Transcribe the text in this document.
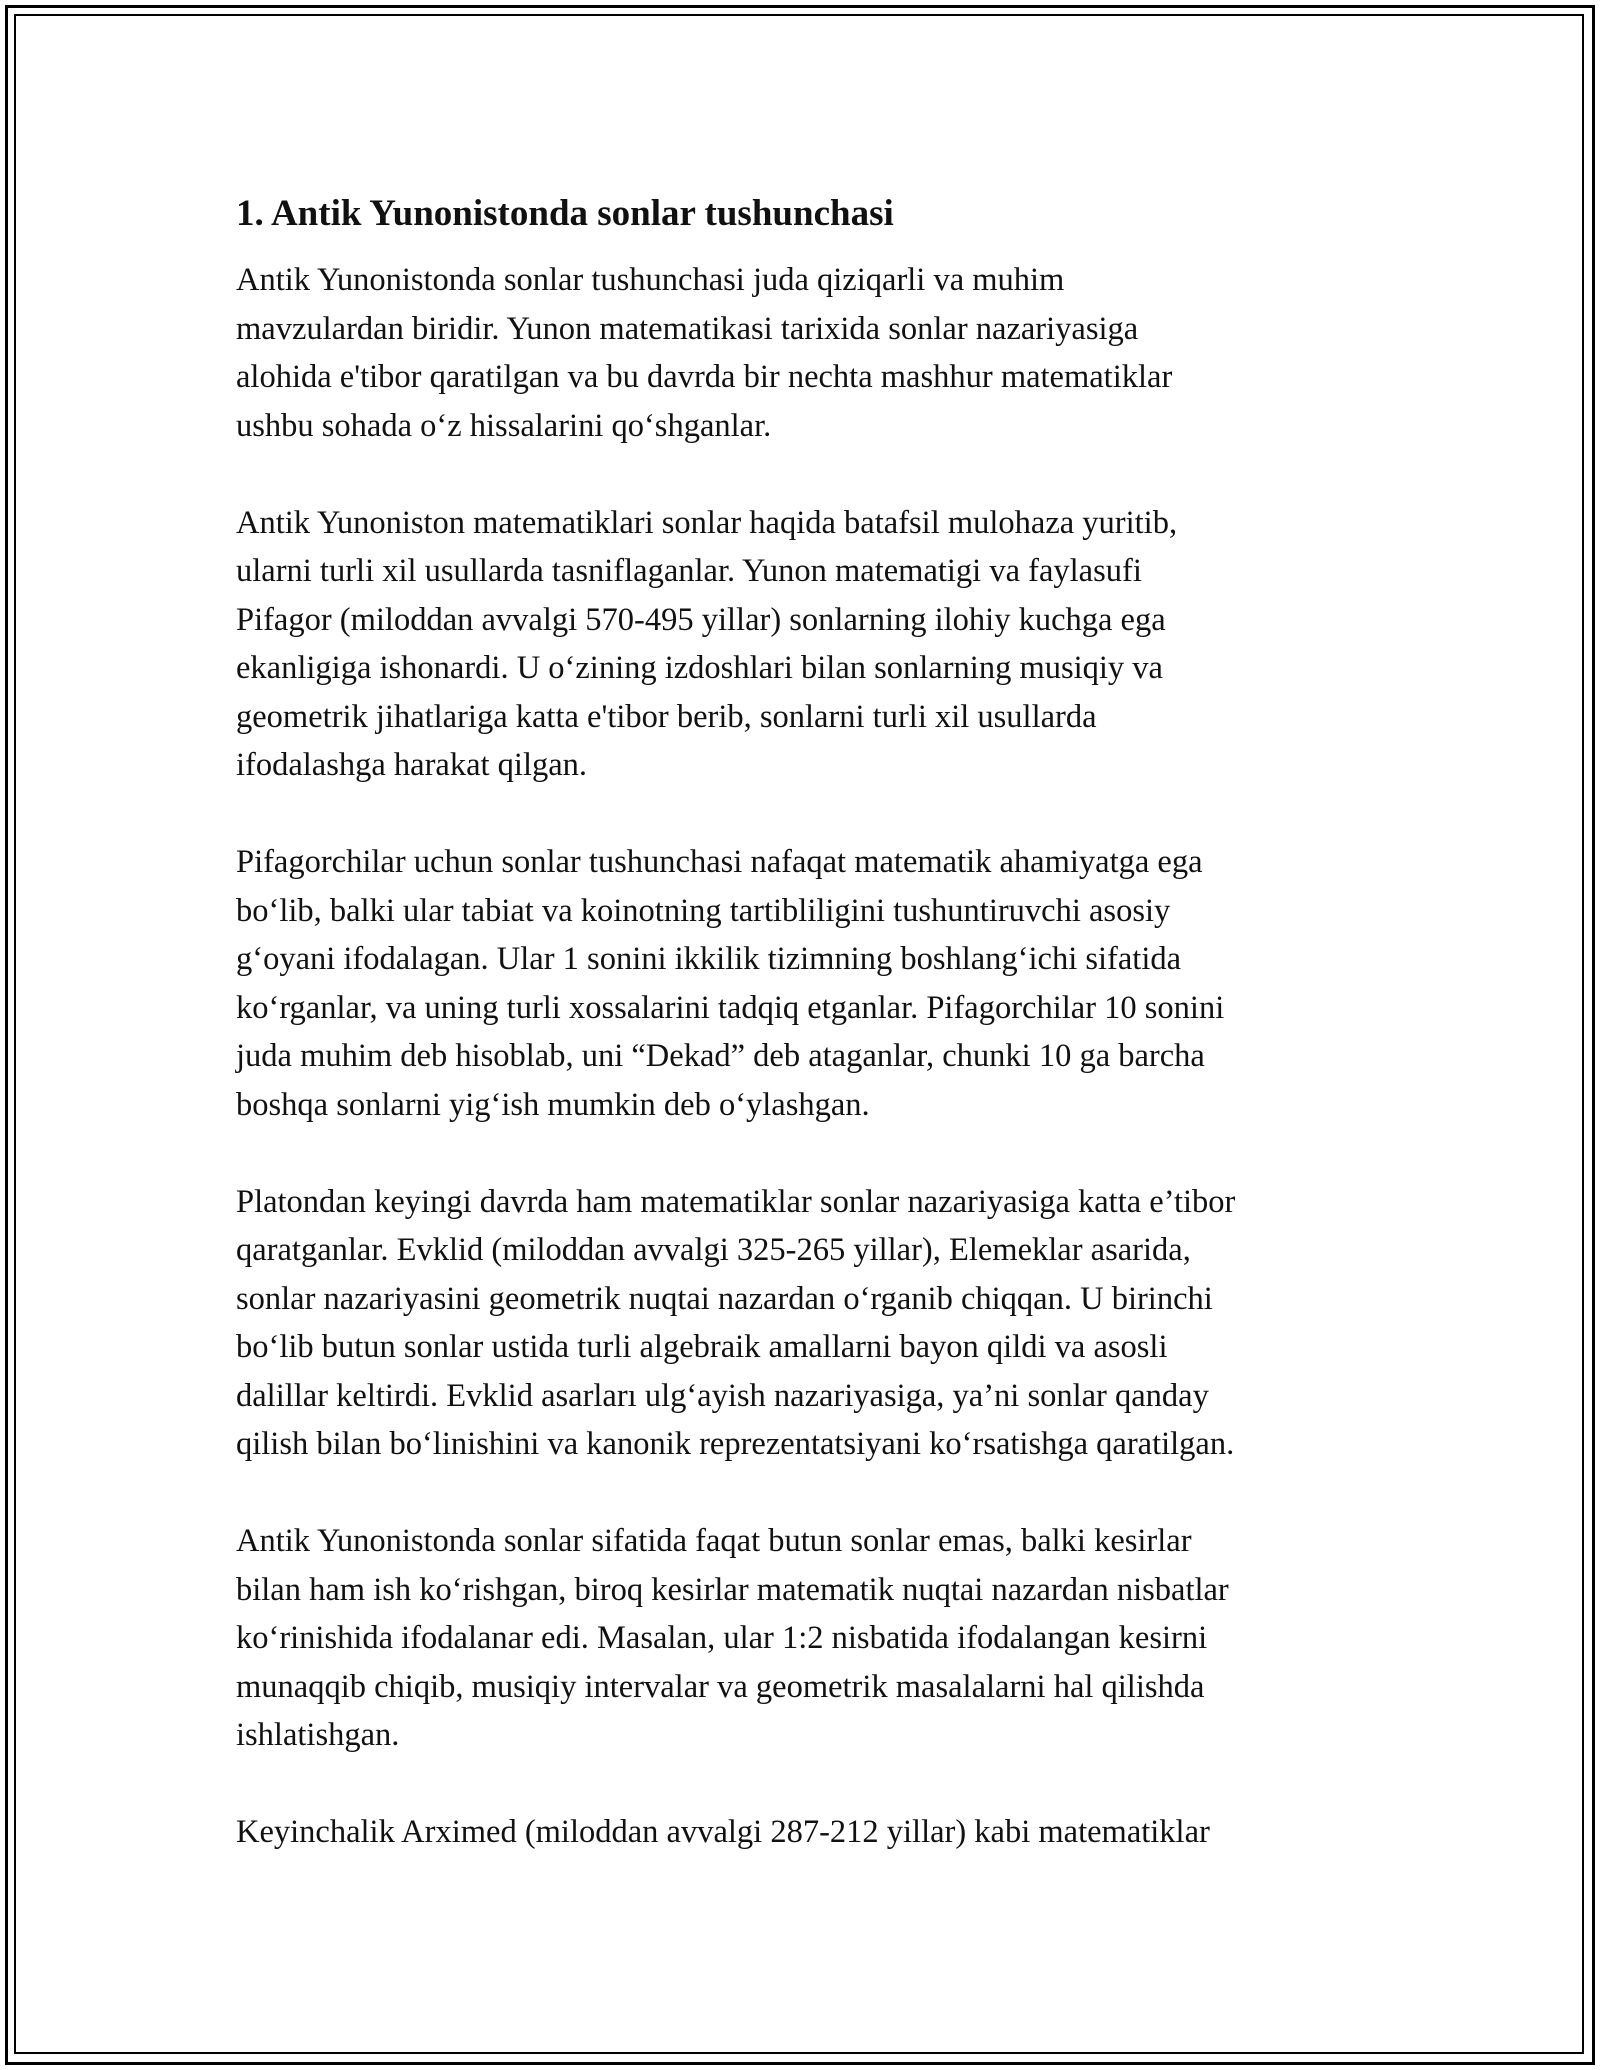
1. Antik Yunonistonda sonlar tushunchasi

Antik Yunonistonda sonlar tushunchasi juda qiziqarli va muhim
mavzulardan biridir. Yunon matematikasi tarixida sonlar nazariyasiga
alohida e'tibor qaratilgan va bu davrda bir nechta mashhur matematiklar
ushbu sohada oʻz hissalarini qoʻshganlar.

Antik Yunoniston matematiklari sonlar haqida batafsil mulohaza yuritib,
ularni turli xil usullarda tasniflaganlar. Yunon matematigi va faylasufi
Pifagor (miloddan avvalgi 570-495 yillar) sonlarning ilohiy kuchga ega
ekanligiga ishonardi. U oʻzining izdoshlari bilan sonlarning musiqiy va
geometrik jihatlariga katta e'tibor berib, sonlarni turli xil usullarda
ifodalashga harakat qilgan.

Pifagorchilar uchun sonlar tushunchasi nafaqat matematik ahamiyatga ega
boʻlib, balki ular tabiat va koinotning tartibliligini tushuntiruvchi asosiy
gʻoyani ifodalagan. Ular 1 sonini ikkilik tizimning boshlangʻichi sifatida
koʻrganlar, va uning turli xossalarini tadqiq etganlar. Pifagorchilar 10 sonini
juda muhim deb hisoblab, uni “Dekad” deb ataganlar, chunki 10 ga barcha
boshqa sonlarni yigʻish mumkin deb oʻylashgan.

Platondan keyingi davrda ham matematiklar sonlar nazariyasiga katta e’tibor
qaratganlar. Evklid (miloddan avvalgi 325-265 yillar), Elemeklar asarida,
sonlar nazariyasini geometrik nuqtai nazardan oʻrganib chiqqan. U birinchi
boʻlib butun sonlar ustida turli algebraik amallarni bayon qildi va asosli
dalillar keltirdi. Evklid asarları ulgʻayish nazariyasiga, ya’ni sonlar qanday
qilish bilan boʻlinishini va kanonik reprezentatsiyani koʻrsatishga qaratilgan.

Antik Yunonistonda sonlar sifatida faqat butun sonlar emas, balki kesirlar
bilan ham ish koʻrishgan, biroq kesirlar matematik nuqtai nazardan nisbatlar
koʻrinishida ifodalanar edi. Masalan, ular 1:2 nisbatida ifodalangan kesirni
munaqqib chiqib, musiqiy intervalar va geometrik masalalarni hal qilishda
ishlatishgan.

Keyinchalik Arximed (miloddan avvalgi 287-212 yillar) kabi matematiklar
